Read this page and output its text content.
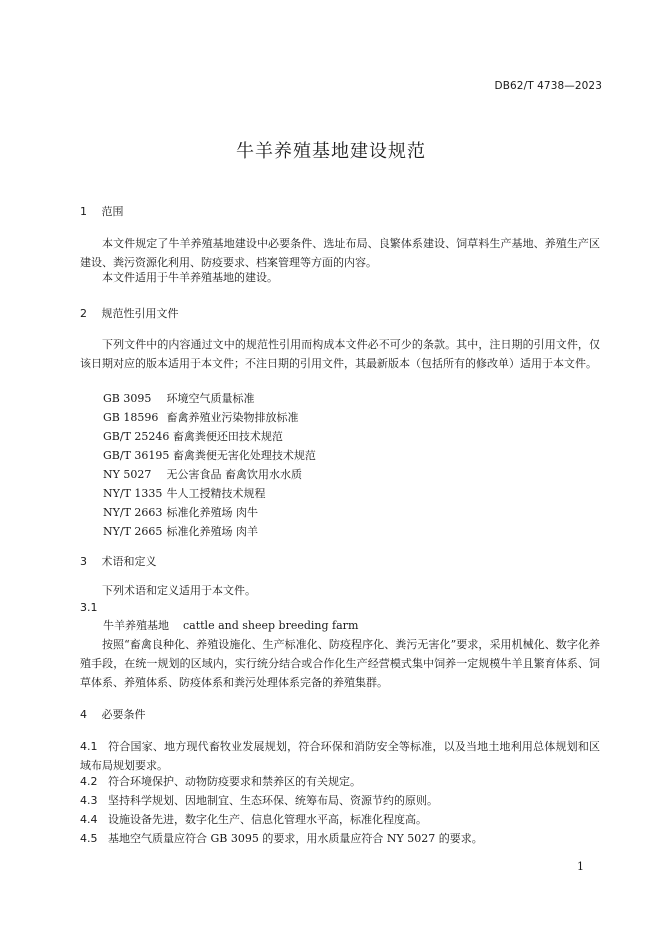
DB62/T 4738—2023
牛羊养殖基地建设规范
1 范围
本文件规定了牛羊养殖基地建设中必要条件、选址布局、良繁体系建设、饲草料生产基地、养殖生产区建设、粪污资源化利用、防疫要求、档案管理等方面的内容。
本文件适用于牛羊养殖基地的建设。
2 规范性引用文件
下列文件中的内容通过文中的规范性引用而构成本文件必不可少的条款。其中，注日期的引用文件，仅该日期对应的版本适用于本文件；不注日期的引用文件，其最新版本（包括所有的修改单）适用于本文件。
GB 3095 环境空气质量标准
GB 18596 畜禽养殖业污染物排放标准
GB/T 25246 畜禽粪便还田技术规范
GB/T 36195 畜禽粪便无害化处理技术规范
NY 5027 无公害食品 畜禽饮用水水质
NY/T 1335 牛人工授精技术规程
NY/T 2663 标准化养殖场 肉牛
NY/T 2665 标准化养殖场 肉羊
3 术语和定义
下列术语和定义适用于本文件。
3.1
牛羊养殖基地 cattle and sheep breeding farm
按照“畜禽良种化、养殖设施化、生产标准化、防疫程序化、粪污无害化”要求，采用机械化、数字化养殖手段，在统一规划的区域内，实行统分结合或合作化生产经营模式集中饲养一定规模牛羊且繁育体系、饲草体系、养殖体系、防疫体系和粪污处理体系完备的养殖集群。
4 必要条件
4.1 符合国家、地方现代畜牧业发展规划，符合环保和消防安全等标准，以及当地土地利用总体规划和区域布局规划要求。
4.2 符合环境保护、动物防疫要求和禁养区的有关规定。
4.3 坚持科学规划、因地制宜、生态环保、统筹布局、资源节约的原则。
4.4 设施设备先进，数字化生产、信息化管理水平高，标准化程度高。
4.5 基地空气质量应符合 GB 3095 的要求，用水质量应符合 NY 5027 的要求。
1
